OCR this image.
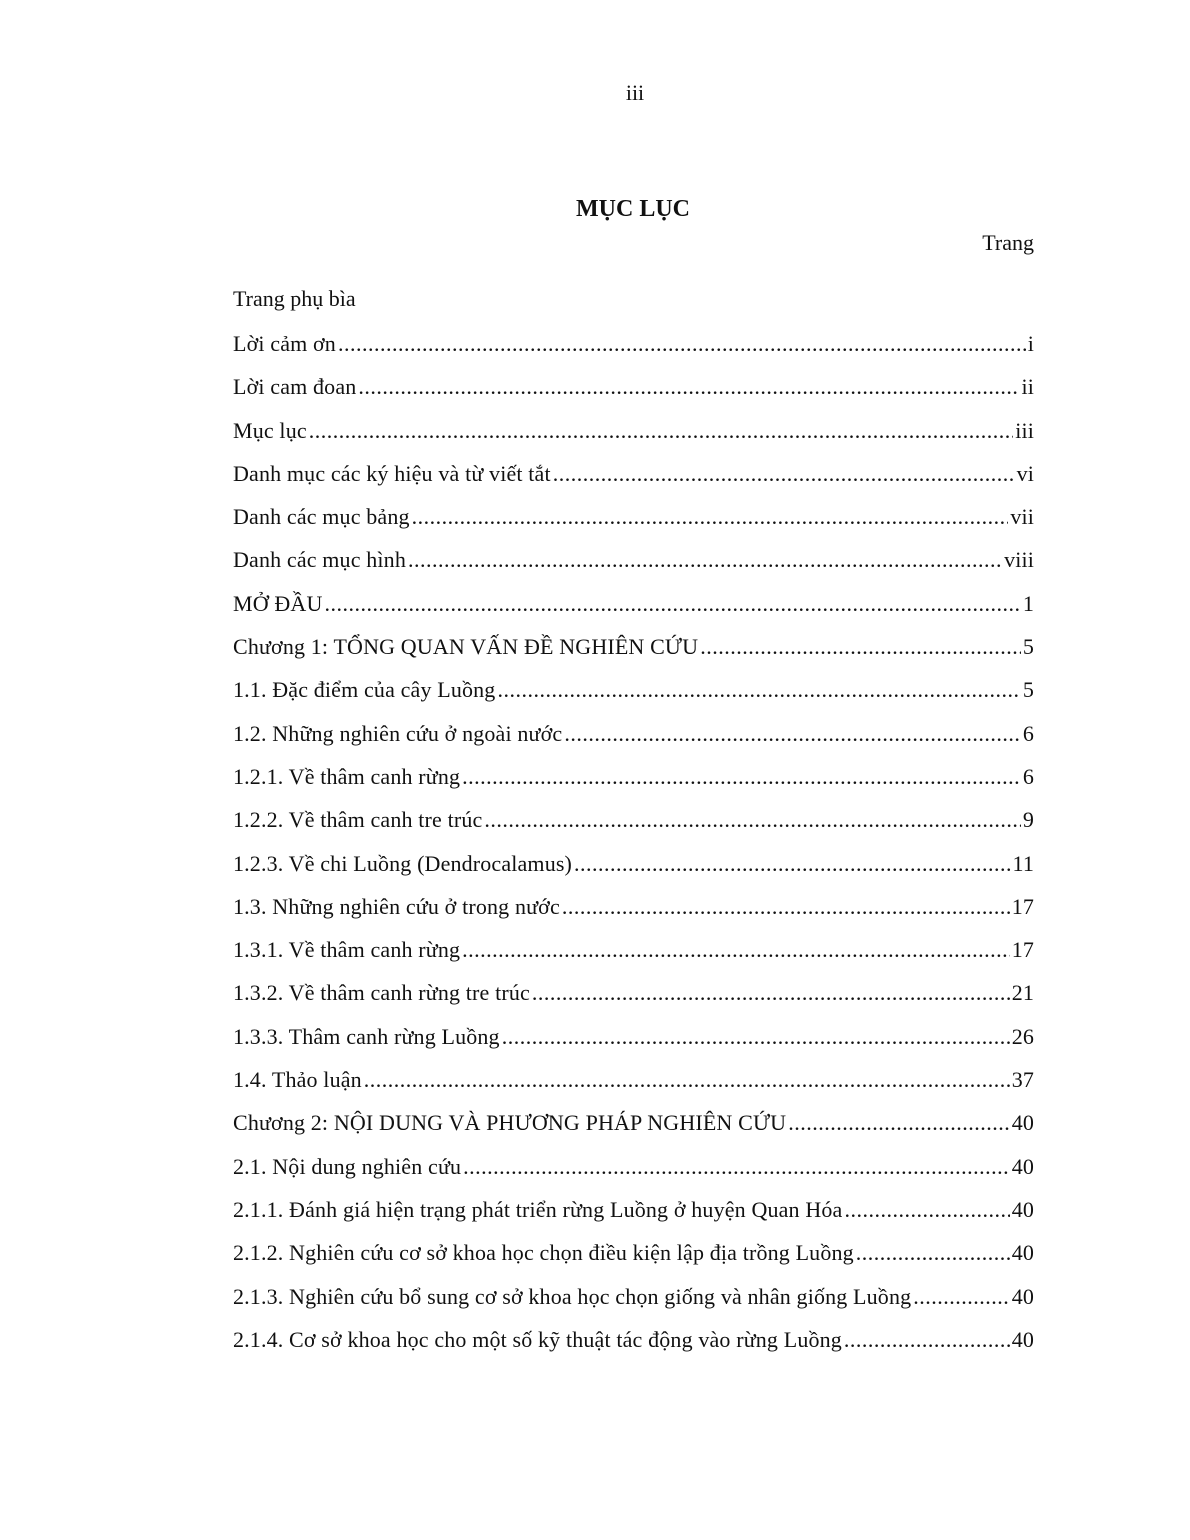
iii
MỤC LỤC
Trang
Trang phụ bìa
Lời cảm ơn .....	i
Lời cam đoan .....	ii
Mục lục .....	iii
Danh mục các ký hiệu và từ viết tắt .....	vi
Danh các mục bảng .....	vii
Danh các mục hình .....	viii
MỞ ĐẦU .....	1
Chương 1: TỔNG QUAN VẤN ĐỀ NGHIÊN CỨU .....	5
1.1. Đặc điểm của cây Luồng .....	5
1.2. Những nghiên cứu ở ngoài nước .....	6
1.2.1. Về thâm canh rừng .....	6
1.2.2. Về thâm canh tre trúc .....	9
1.2.3. Về chi Luồng (Dendrocalamus) .....	11
1.3. Những nghiên cứu ở trong nước .....	17
1.3.1. Về thâm canh rừng .....	17
1.3.2. Về thâm canh rừng tre trúc .....	21
1.3.3. Thâm canh rừng Luồng .....	26
1.4. Thảo luận .....	37
Chương 2: NỘI DUNG VÀ PHƯƠNG PHÁP NGHIÊN CỨU .....	40
2.1. Nội dung nghiên cứu .....	40
2.1.1. Đánh giá hiện trạng phát triển rừng Luồng ở huyện Quan Hóa .....	40
2.1.2. Nghiên cứu cơ sở khoa học chọn điều kiện lập địa trồng Luồng .....	40
2.1.3. Nghiên cứu bổ sung cơ sở khoa học chọn giống và nhân giống Luồng .....	40
2.1.4. Cơ sở khoa học cho một số kỹ thuật tác động vào rừng Luồng .....	40
